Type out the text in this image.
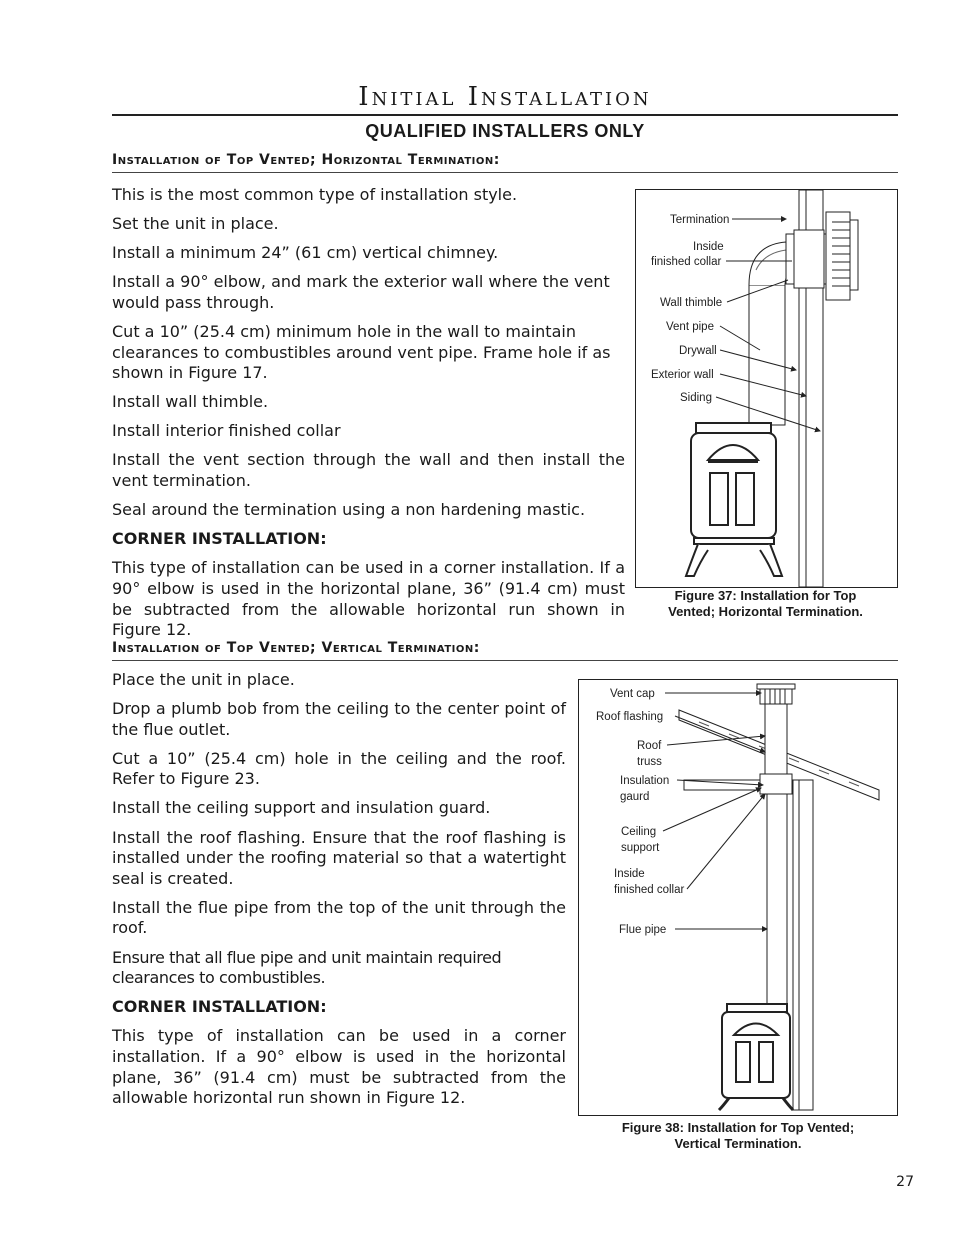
Initial Installation
QUALIFIED INSTALLERS ONLY
Installation of Top Vented; Horizontal Termination:

This is the most common type of installation style.

Set the unit in place.

Install a minimum 24” (61 cm) vertical chimney.

Install a 90° elbow, and mark the exterior wall where the vent would pass through.

Cut a 10” (25.4 cm) minimum hole in the wall to maintain clearances to combustibles around vent pipe. Frame hole if as shown in Figure 17.

Install wall thimble.

Install interior finished collar

Install the vent section through the wall and then install the vent termination.

Seal around the termination using a non hardening mastic.

CORNER INSTALLATION:

This type of installation can be used in a corner installation. If a 90° elbow is used in the horizontal plane, 36” (91.4 cm) must be subtracted from the allowable horizontal run shown in Figure 12.

Termination
Inside
finished collar
Wall thimble
Vent pipe
Drywall
Exterior wall
Siding
Figure 37: Installation for Top
Vented; Horizontal Termination.
Installation of Top Vented; Vertical Termination:

Place the unit in place.

Drop a plumb bob from the ceiling to the center point of the flue outlet.

Cut a 10” (25.4 cm) hole in the ceiling and the roof. Refer to Figure 23.

Install the ceiling support and insulation guard.

Install the roof flashing. Ensure that the roof flashing is installed under the roofing material so that a watertight seal is created.

Install the flue pipe from the top of the unit through the roof.

Ensure that all flue pipe and unit maintain required clearances to combustibles.

CORNER INSTALLATION:

This type of installation can be used in a corner installation. If a 90° elbow is used in the horizontal plane, 36” (91.4 cm) must be subtracted from the allowable horizontal run shown in Figure 12.

Vent cap
Roof flashing
Roof
truss
Insulation
gaurd
Ceiling
support
Inside
finished collar
Flue pipe
Figure 38: Installation for Top Vented;
Vertical Termination.
27
